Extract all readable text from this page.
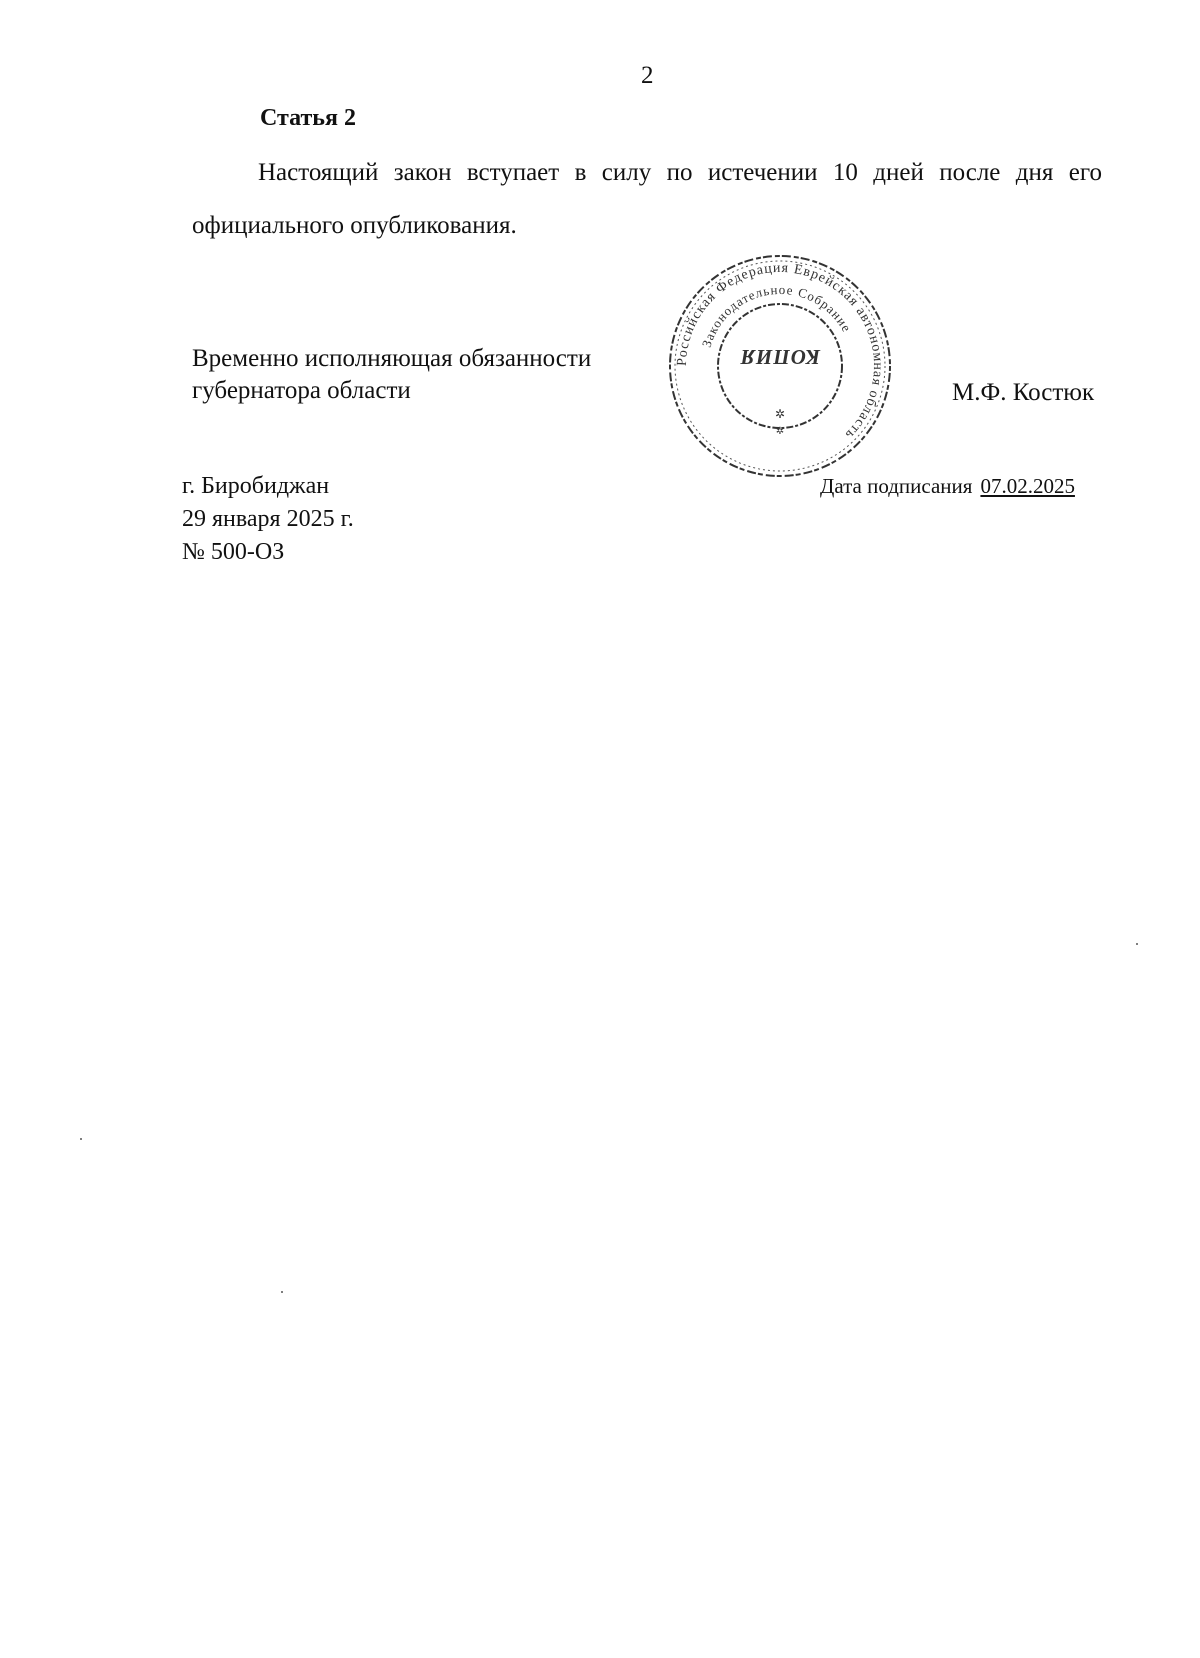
2
Статья 2
Настоящий закон вступает в силу по истечении 10 дней после дня его
официального опубликования.
Временно исполняющая обязанности
губернатора области
Российская Федерация Еврейская автономная область
Законодательное Собрание
КОПИЯ
✲
✲
М.Ф. Костюк
г. Биробиджан
29 января 2025 г.
№ 500-ОЗ
Дата подписания 07.02.2025
